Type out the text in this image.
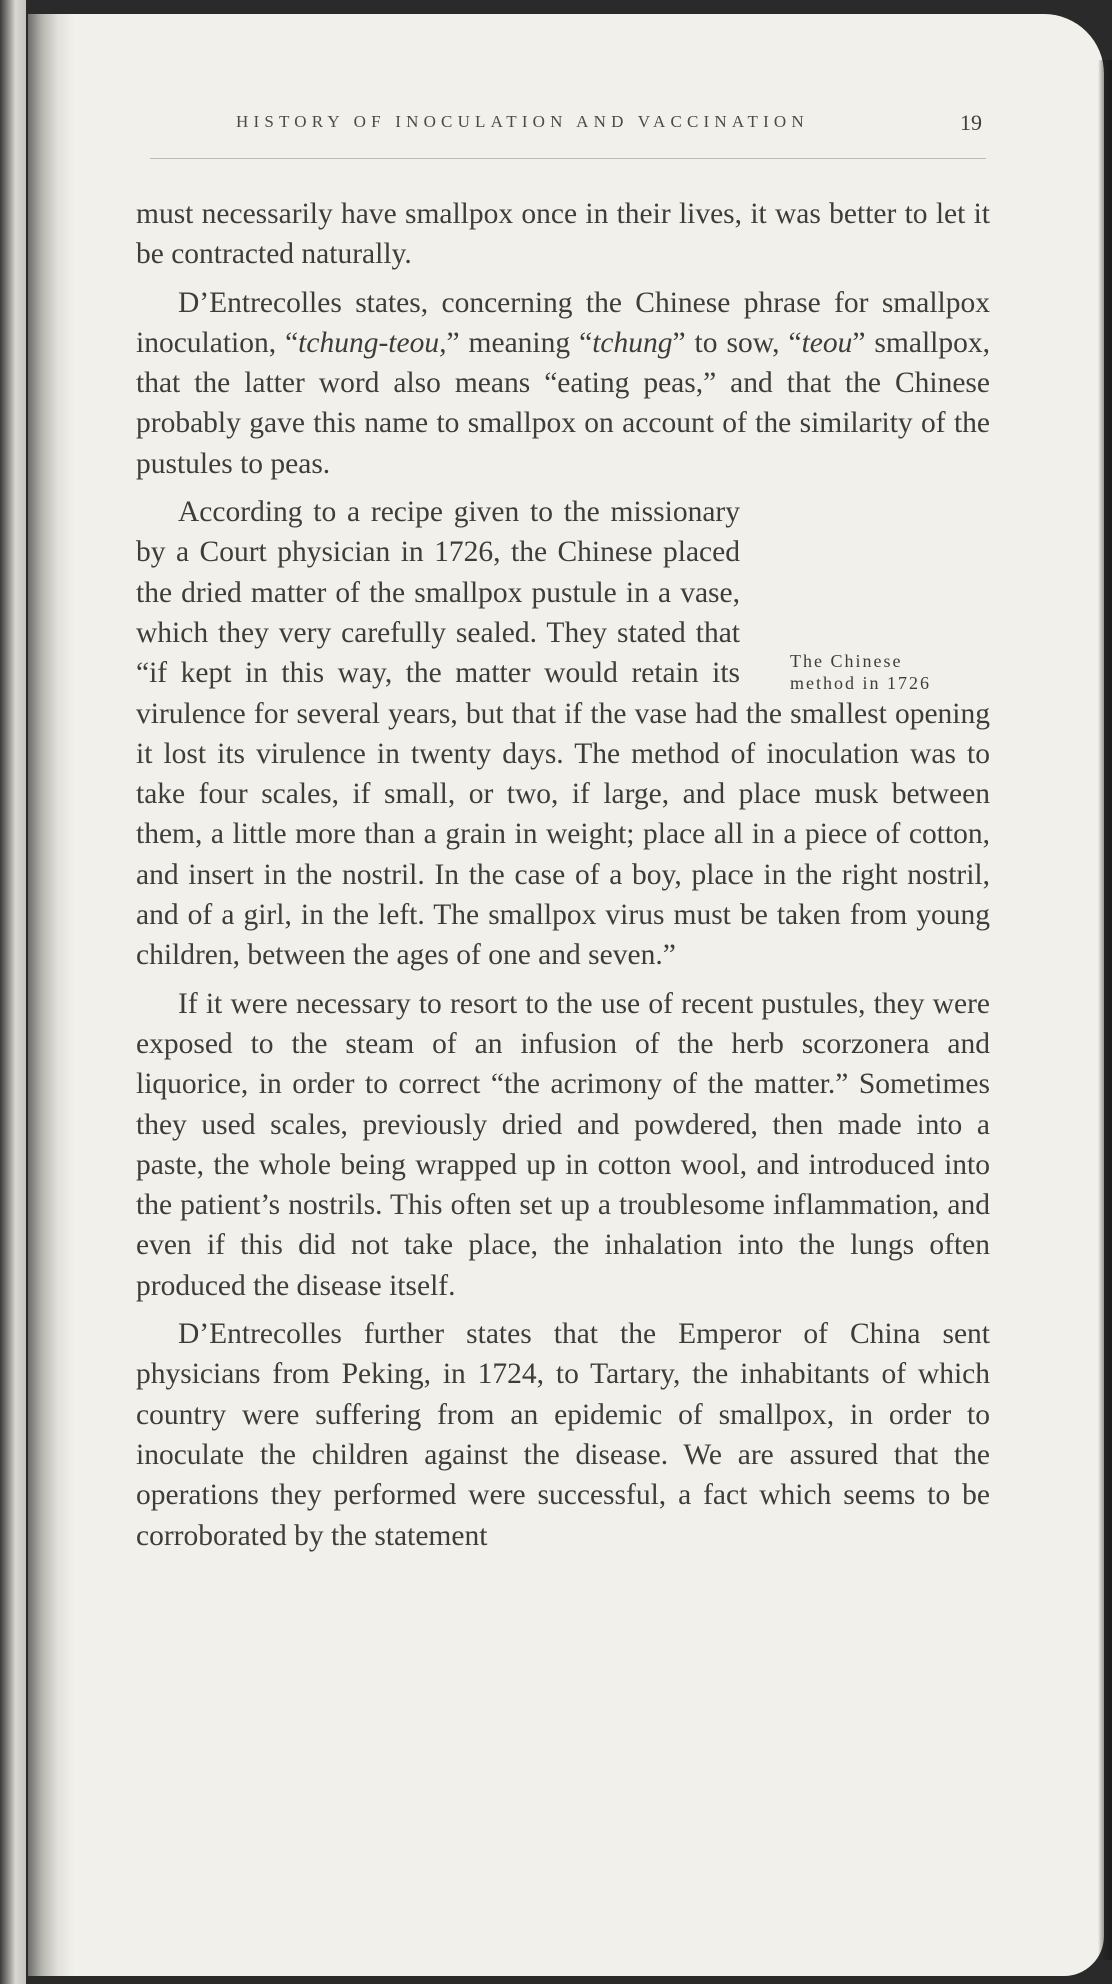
HISTORY OF INOCULATION AND VACCINATION	19
The Chinese
method in 1726

must necessarily have smallpox once in their lives, it was better to let it be contracted naturally.

D’Entrecolles states, concerning the Chinese phrase for smallpox inoculation, “tchung-teou,” meaning “tchung” to sow, “teou” smallpox, that the latter word also means “eating peas,” and that the Chinese probably gave this name to smallpox on account of the similarity of the pustules to peas.

According to a recipe given to the missionary by a Court physician in 1726, the Chinese placed the dried matter of the smallpox pustule in a vase, which they very carefully sealed. They stated that “if kept in this way, the matter would retain its virulence for several years, but that if the vase had the smallest opening it lost its virulence in twenty days. The method of inoculation was to take four scales, if small, or two, if large, and place musk between them, a little more than a grain in weight; place all in a piece of cotton, and insert in the nostril. In the case of a boy, place in the right nostril, and of a girl, in the left. The smallpox virus must be taken from young children, between the ages of one and seven.”

If it were necessary to resort to the use of recent pustules, they were exposed to the steam of an infusion of the herb scorzonera and liquorice, in order to correct “the acrimony of the matter.” Sometimes they used scales, previously dried and powdered, then made into a paste, the whole being wrapped up in cotton wool, and introduced into the patient’s nostrils. This often set up a troublesome inflammation, and even if this did not take place, the inhalation into the lungs often produced the disease itself.

D’Entrecolles further states that the Emperor of China sent physicians from Peking, in 1724, to Tartary, the inhabitants of which country were suffering from an epidemic of smallpox, in order to inoculate the children against the disease. We are assured that the operations they performed were successful, a fact which seems to be corroborated by the statement
